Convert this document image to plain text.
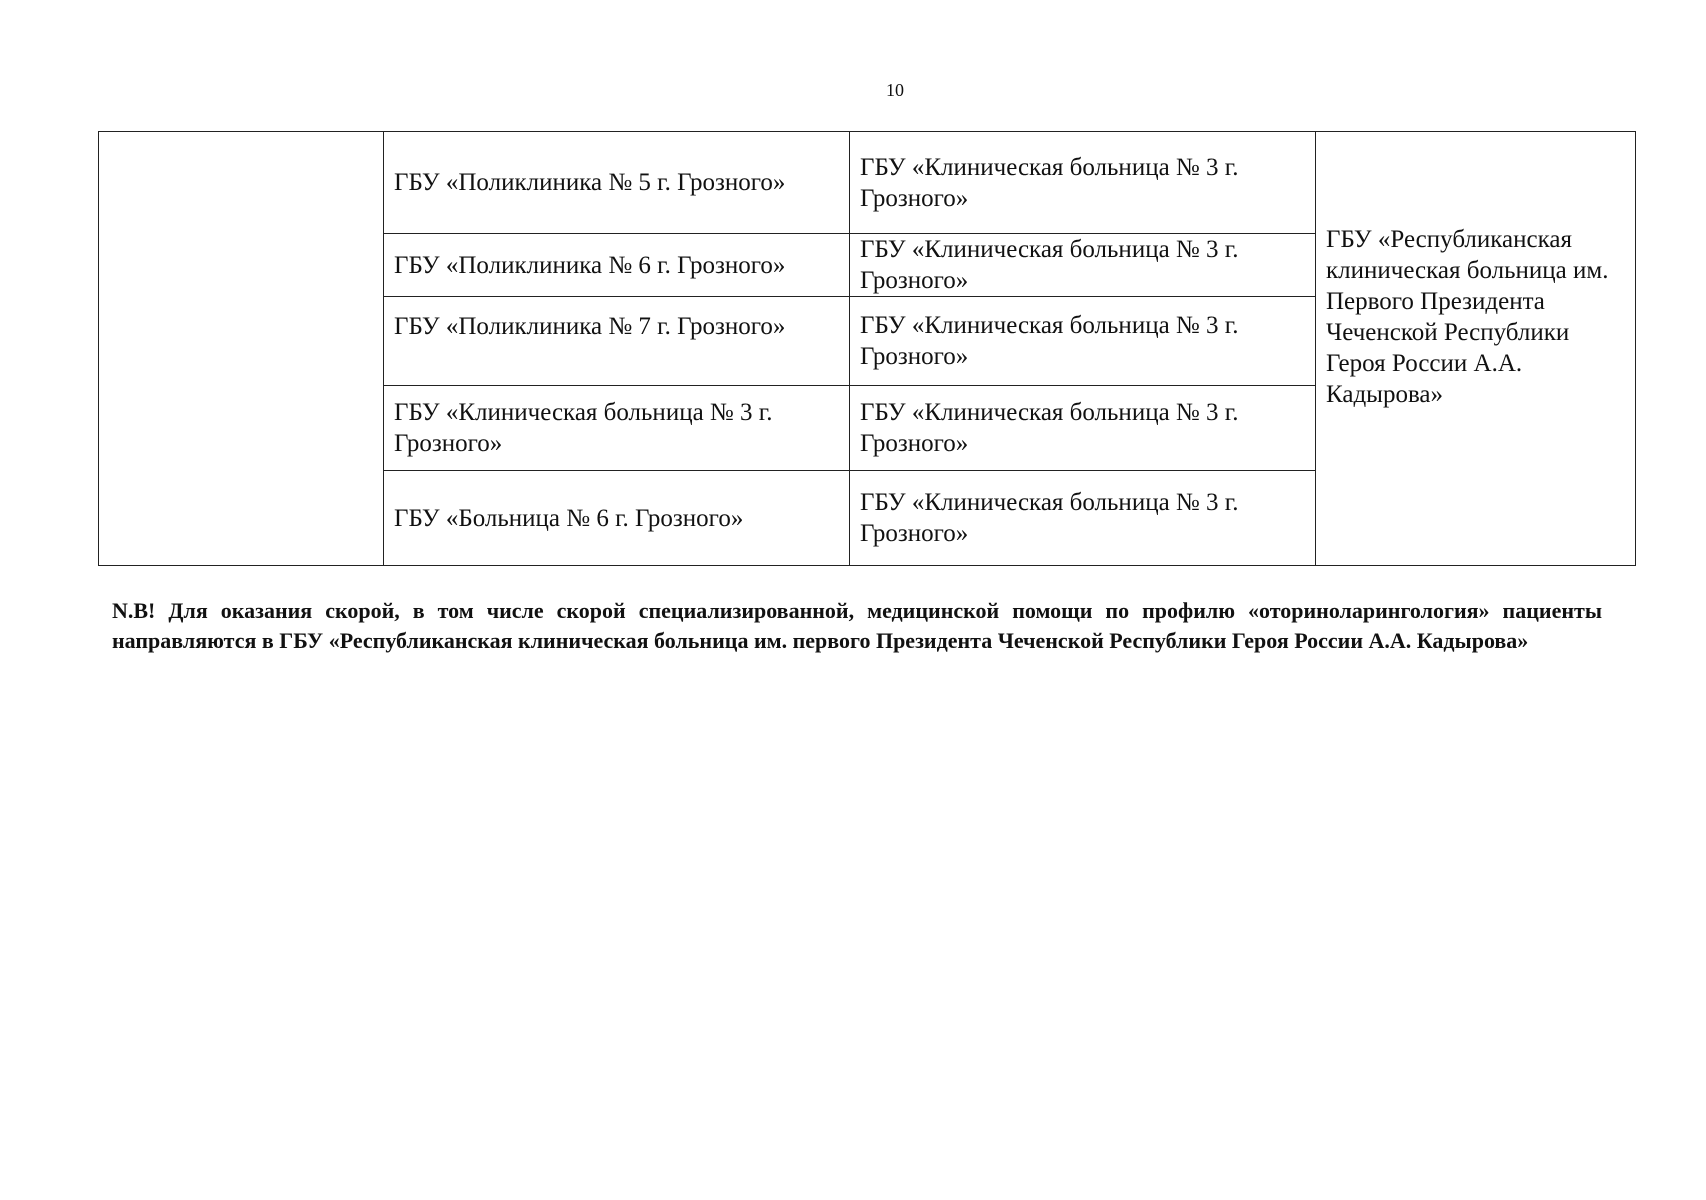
10
	ГБУ «Поликлиника № 5 г. Грозного»	ГБУ «Клиническая больница № 3 г. Грозного»	ГБУ «Республиканская клиническая больница им. Первого Президента Чеченской Республики Героя России А.А. Кадырова»
	ГБУ «Поликлиника № 6 г. Грозного»	ГБУ «Клиническая больница № 3 г. Грозного»	
	ГБУ «Поликлиника № 7 г. Грозного»	ГБУ «Клиническая больница № 3 г. Грозного»	
	ГБУ «Клиническая больница № 3 г. Грозного»	ГБУ «Клиническая больница № 3 г. Грозного»	
	ГБУ «Больница № 6 г. Грозного»	ГБУ «Клиническая больница № 3 г. Грозного»	
N.B! Для оказания скорой, в том числе скорой специализированной, медицинской помощи по профилю «оториноларингология» пациенты направляются в ГБУ «Республиканская клиническая больница им. первого Президента Чеченской Республики Героя России А.А. Кадырова»
